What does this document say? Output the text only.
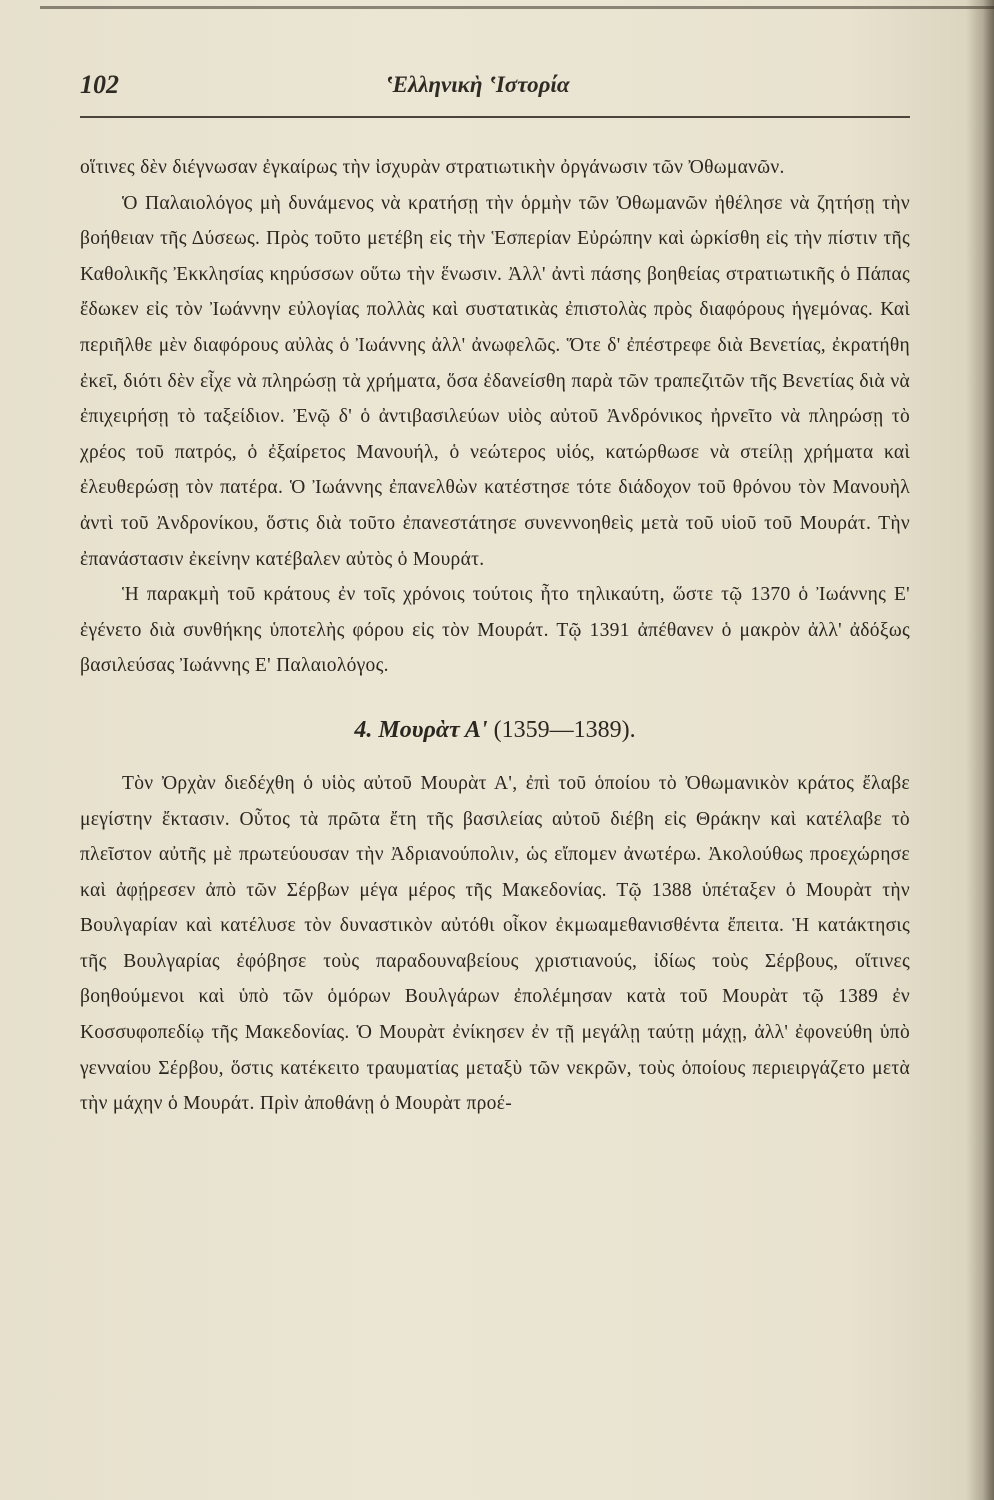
102	ʽΕλληνικὴ ʽΙστορία

οἵτινες δὲν διέγνωσαν ἐγκαίρως τὴν ἰσχυρὰν στρατιωτικὴν ὀργάνωσιν τῶν Ὀθωμανῶν.

Ὁ Παλαιολόγος μὴ δυνάμενος νὰ κρατήσῃ τὴν ὁρμὴν τῶν Ὀθωμανῶν ἠθέλησε νὰ ζητήσῃ τὴν βοήθειαν τῆς Δύσεως. Πρὸς τοῦτο μετέβη εἰς τὴν Ἑσπερίαν Εὐρώπην καὶ ὡρκίσθη εἰς τὴν πίστιν τῆς Καθολικῆς Ἐκκλησίας κηρύσσων οὕτω τὴν ἕνωσιν. Ἀλλ' ἀντὶ πάσης βοηθείας στρατιωτικῆς ὁ Πάπας ἔδωκεν εἰς τὸν Ἰωάννην εὐλογίας πολλὰς καὶ συστατικὰς ἐπιστολὰς πρὸς διαφόρους ἡγεμόνας. Καὶ περιῆλθε μὲν διαφόρους αὐλὰς ὁ Ἰωάννης ἀλλ' ἀνωφελῶς. Ὅτε δ' ἐπέστρεφε διὰ Βενετίας, ἐκρατήθη ἐκεῖ, διότι δὲν εἶχε νὰ πληρώσῃ τὰ χρήματα, ὅσα ἐδανείσθη παρὰ τῶν τραπεζιτῶν τῆς Βενετίας διὰ νὰ ἐπιχειρήσῃ τὸ ταξείδιον. Ἐνῷ δ' ὁ ἀντιβασιλεύων υἱὸς αὐτοῦ Ἀνδρόνικος ἠρνεῖτο νὰ πληρώσῃ τὸ χρέος τοῦ πατρός, ὁ ἐξαίρετος Μανουήλ, ὁ νεώτερος υἱός, κατώρθωσε νὰ στείλῃ χρήματα καὶ ἐλευθερώσῃ τὸν πατέρα. Ὁ Ἰωάννης ἐπανελθὼν κατέστησε τότε διάδοχον τοῦ θρόνου τὸν Μανουὴλ ἀντὶ τοῦ Ἀνδρονίκου, ὅστις διὰ τοῦτο ἐπανεστάτησε συνεννοηθεὶς μετὰ τοῦ υἱοῦ τοῦ Μουράτ. Τὴν ἐπανάστασιν ἐκείνην κατέβαλεν αὐτὸς ὁ Μουράτ.

Ἡ παρακμὴ τοῦ κράτους ἐν τοῖς χρόνοις τούτοις ἦτο τηλικαύτη, ὥστε τῷ 1370 ὁ Ἰωάννης Ε' ἐγένετο διὰ συνθήκης ὑποτελὴς φόρου εἰς τὸν Μουράτ. Τῷ 1391 ἀπέθανεν ὁ μακρὸν ἀλλ' ἀδόξως βασιλεύσας Ἰωάννης Ε' Παλαιολόγος.

4. Μουρὰτ Α' (1359—1389).

Τὸν Ὀρχὰν διεδέχθη ὁ υἱὸς αὐτοῦ Μουρὰτ Α', ἐπὶ τοῦ ὁποίου τὸ Ὀθωμανικὸν κράτος ἔλαβε μεγίστην ἔκτασιν. Οὗτος τὰ πρῶτα ἔτη τῆς βασιλείας αὐτοῦ διέβη εἰς Θράκην καὶ κατέλαβε τὸ πλεῖστον αὐτῆς μὲ πρωτεύουσαν τὴν Ἀδριανούπολιν, ὡς εἴπομεν ἀνωτέρω. Ἀκολούθως προεχώρησε καὶ ἀφῄρεσεν ἀπὸ τῶν Σέρβων μέγα μέρος τῆς Μακεδονίας. Τῷ 1388 ὑπέταξεν ὁ Μουρὰτ τὴν Βουλγαρίαν καὶ κατέλυσε τὸν δυναστικὸν αὐτόθι οἶκον ἐκμωαμεθανισθέντα ἔπειτα. Ἡ κατάκτησις τῆς Βουλγαρίας ἐφόβησε τοὺς παραδουναβείους χριστιανούς, ἰδίως τοὺς Σέρβους, οἵτινες βοηθούμενοι καὶ ὑπὸ τῶν ὁμόρων Βουλγάρων ἐπολέμησαν κατὰ τοῦ Μουρὰτ τῷ 1389 ἐν Κοσσυφοπεδίῳ τῆς Μακεδονίας. Ὁ Μουρὰτ ἐνίκησεν ἐν τῇ μεγάλῃ ταύτῃ μάχῃ, ἀλλ' ἐφονεύθη ὑπὸ γενναίου Σέρβου, ὅστις κατέκειτο τραυματίας μεταξὺ τῶν νεκρῶν, τοὺς ὁποίους περιειργάζετο μετὰ τὴν μάχην ὁ Μουράτ. Πρὶν ἀποθάνῃ ὁ Μουρὰτ προέ-
